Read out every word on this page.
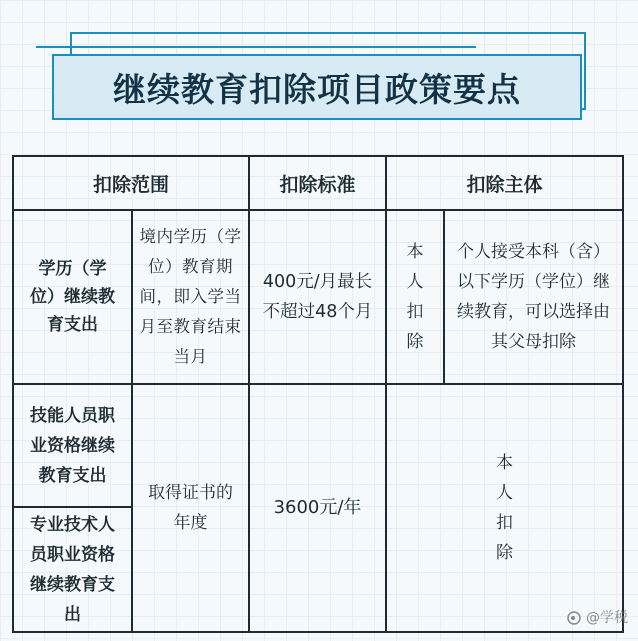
继续教育扣除项目政策要点
扣除范围	扣除标准	扣除主体
学历（学位）继续教育支出
境内学历（学位）教育期间，即入学当月至教育结束当月
400元/月最长不超过48个月
本人扣除
个人接受本科（含）以下学历（学位）继续教育，可以选择由其父母扣除
技能人员职业资格继续教育支出
专业技术人员职业资格继续教育支出
取得证书的年度
3600元/年
本人扣除
@学税
